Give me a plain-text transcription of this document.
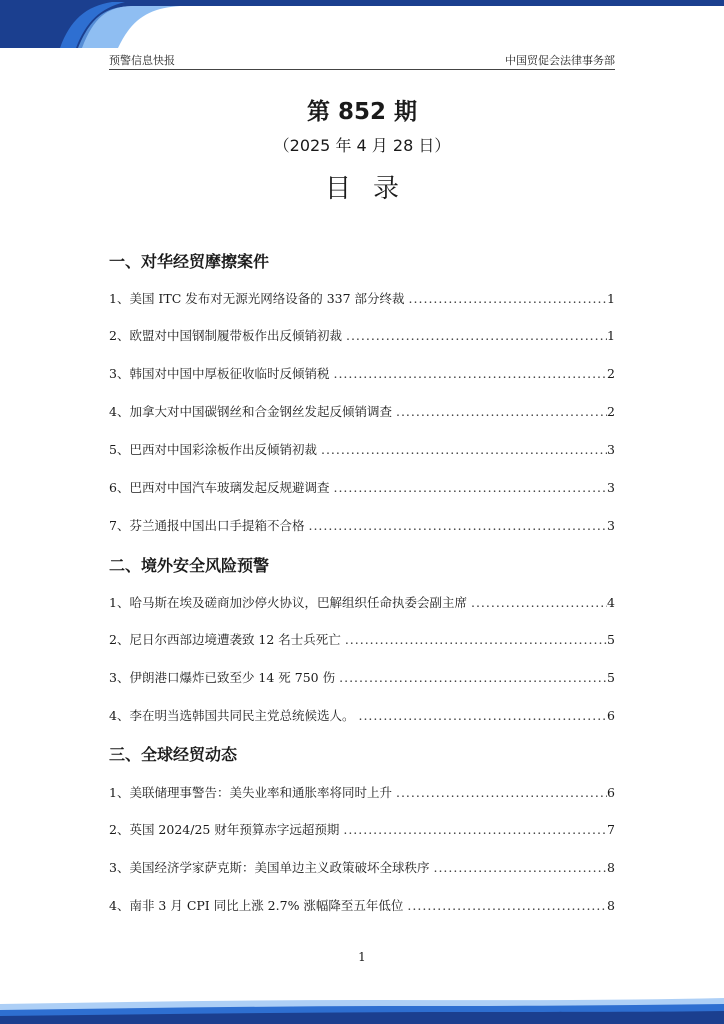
预警信息快报	中国贸促会法律事务部
第 852 期
（2025 年 4 月 28 日）
目录
一、对华经贸摩擦案件
1、美国 ITC 发布对无源光网络设备的 337 部分终裁 .....	1
2、欧盟对中国钢制履带板作出反倾销初裁 .....	1
3、韩国对中国中厚板征收临时反倾销税 .....	2
4、加拿大对中国碳钢丝和合金钢丝发起反倾销调查 .....	2
5、巴西对中国彩涂板作出反倾销初裁 .....	3
6、巴西对中国汽车玻璃发起反规避调查 .....	3
7、芬兰通报中国出口手提箱不合格 .....	3
二、境外安全风险预警
1、哈马斯在埃及磋商加沙停火协议，巴解组织任命执委会副主席 .....	4
2、尼日尔西部边境遭袭致 12 名士兵死亡 .....	5
3、伊朗港口爆炸已致至少 14 死 750 伤 .....	5
4、李在明当选韩国共同民主党总统候选人。 .....	6
三、全球经贸动态
1、美联储理事警告：美失业率和通胀率将同时上升 .....	6
2、英国 2024/25 财年预算赤字远超预期 .....	7
3、美国经济学家萨克斯：美国单边主义政策破坏全球秩序 .....	8
4、南非 3 月 CPI 同比上涨 2.7% 涨幅降至五年低位 .....	8
1
